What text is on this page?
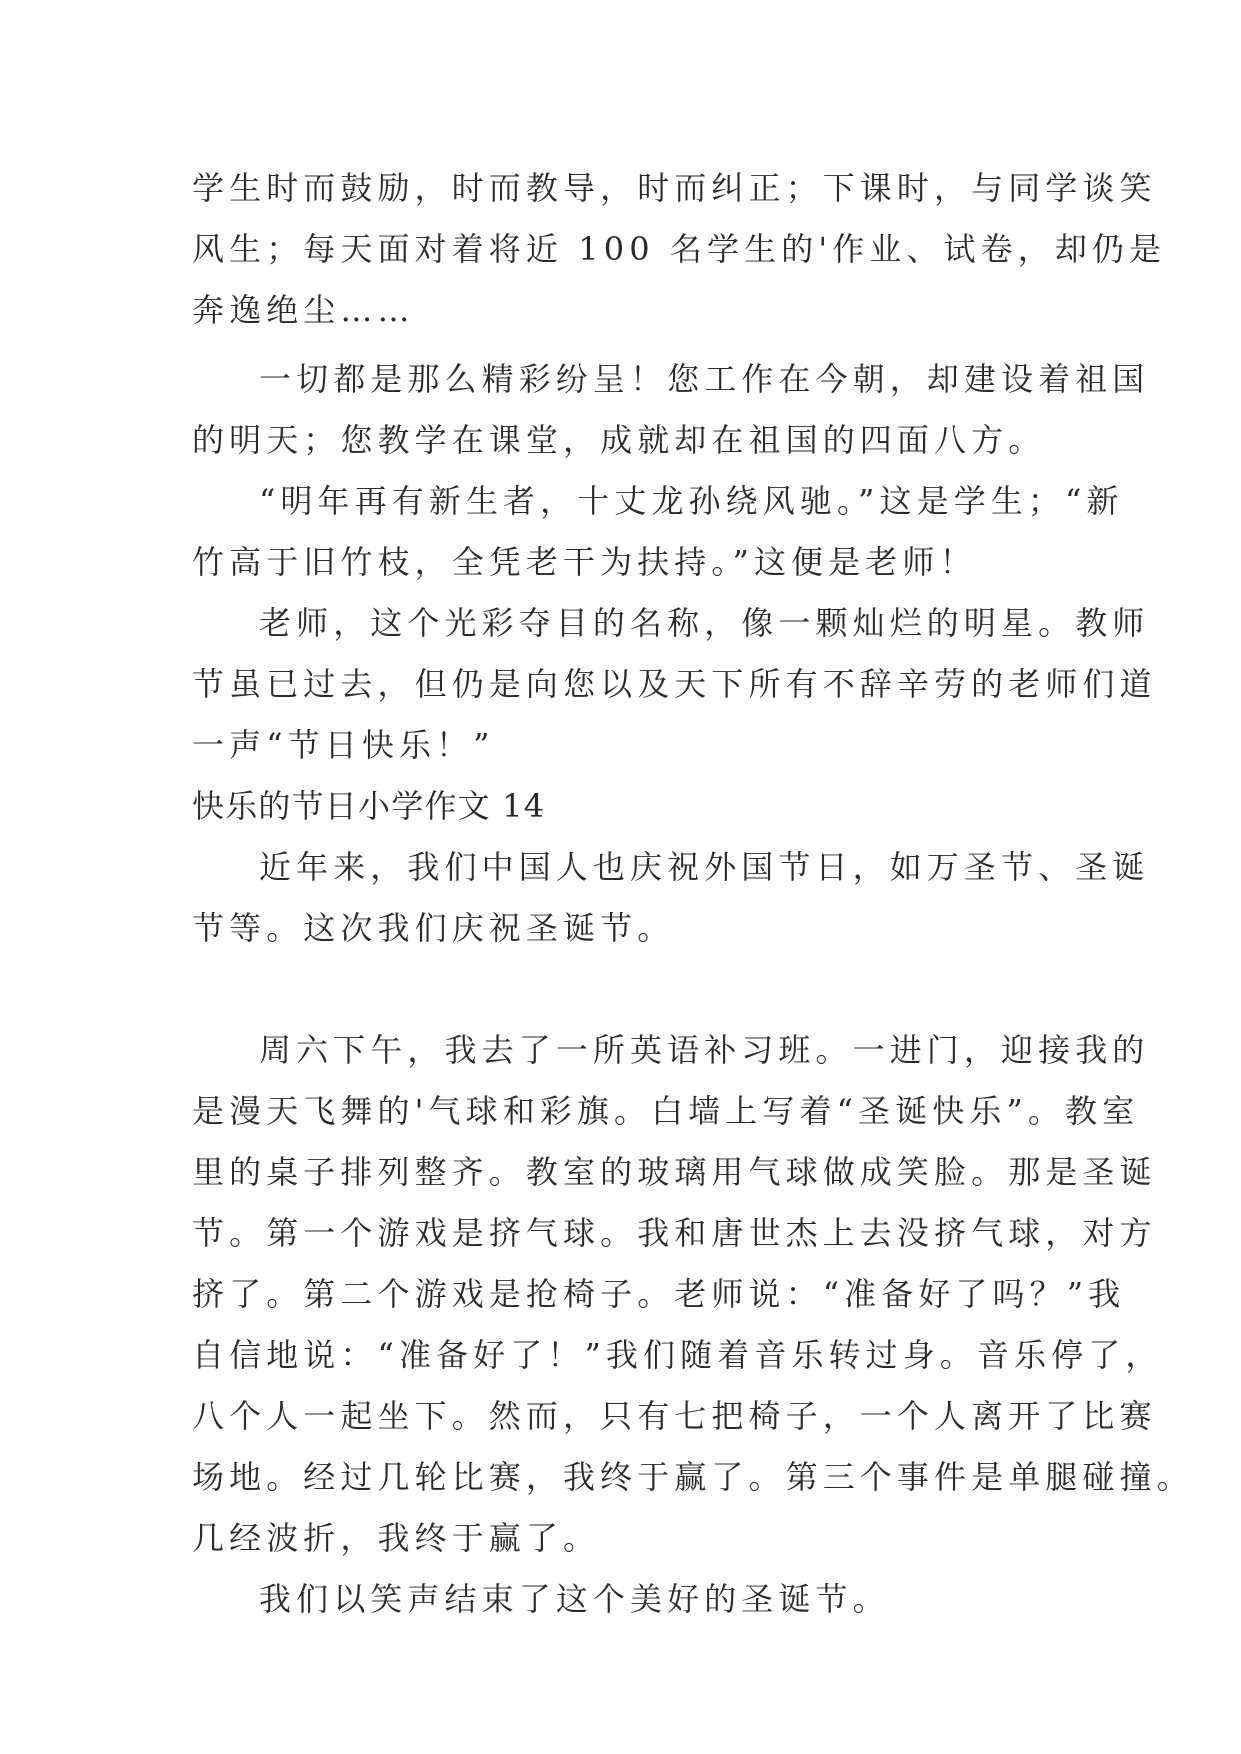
学生时而鼓励，时而教导，时而纠正；下课时，与同学谈笑
风生；每天面对着将近 100 名学生的'作业、试卷，却仍是
奔逸绝尘……
一切都是那么精彩纷呈！您工作在今朝，却建设着祖国
的明天；您教学在课堂，成就却在祖国的四面八方。
“明年再有新生者，十丈龙孙绕风驰。”这是学生；“新
竹高于旧竹枝，全凭老干为扶持。”这便是老师！
老师，这个光彩夺目的名称，像一颗灿烂的明星。教师
节虽已过去，但仍是向您以及天下所有不辞辛劳的老师们道
一声“节日快乐！”
快乐的节日小学作文 14
近年来，我们中国人也庆祝外国节日，如万圣节、圣诞
节等。这次我们庆祝圣诞节。
周六下午，我去了一所英语补习班。一进门，迎接我的
是漫天飞舞的'气球和彩旗。白墙上写着“圣诞快乐”。教室
里的桌子排列整齐。教室的玻璃用气球做成笑脸。那是圣诞
节。第一个游戏是挤气球。我和唐世杰上去没挤气球，对方
挤了。第二个游戏是抢椅子。老师说：“准备好了吗？”我
自信地说：“准备好了！”我们随着音乐转过身。音乐停了，
八个人一起坐下。然而，只有七把椅子，一个人离开了比赛
场地。经过几轮比赛，我终于赢了。第三个事件是单腿碰撞。
几经波折，我终于赢了。
我们以笑声结束了这个美好的圣诞节。
